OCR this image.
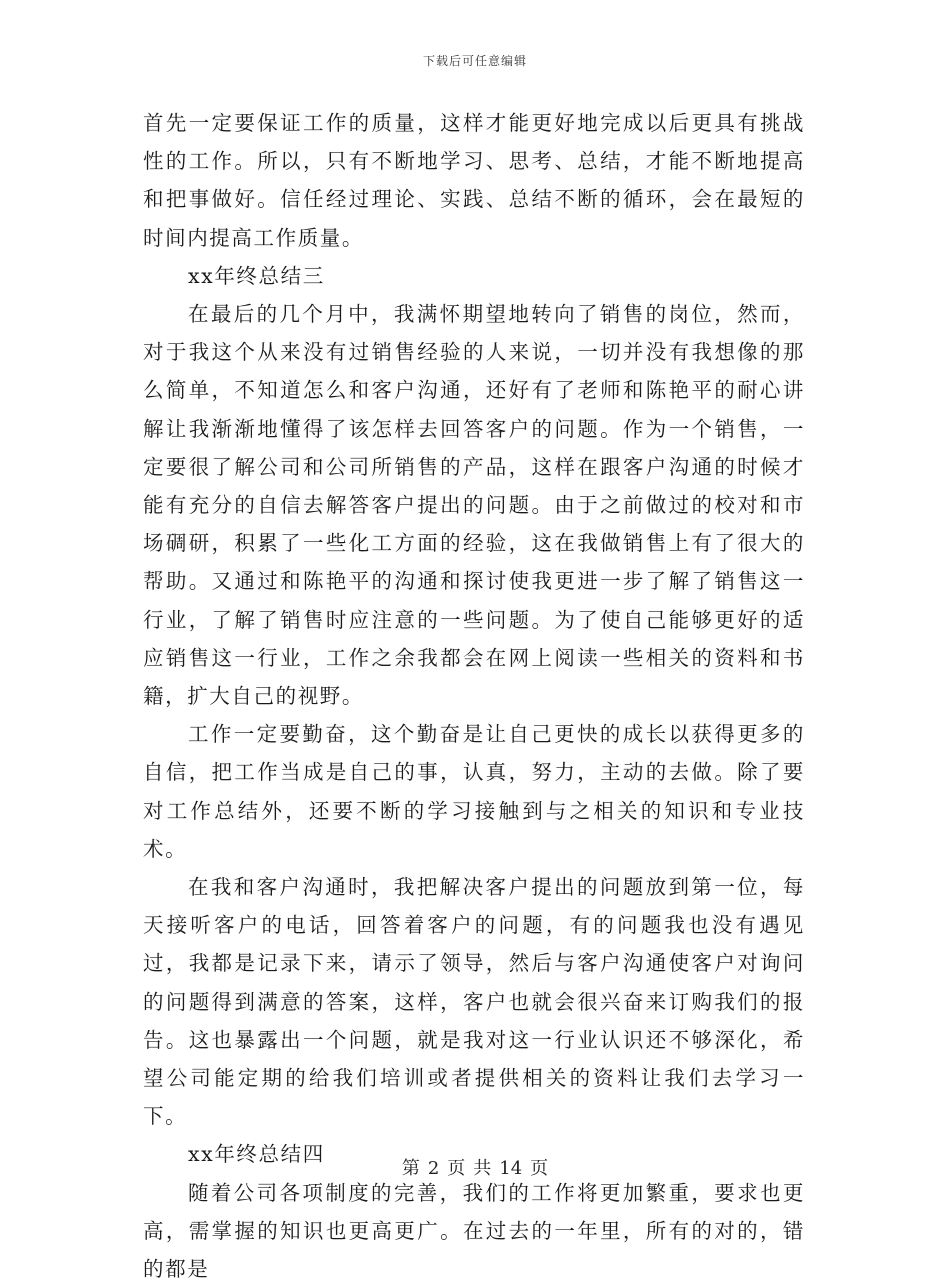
下载后可任意编辑

首先一定要保证工作的质量，这样才能更好地完成以后更具有挑战性的工作。所以，只有不断地学习、思考、总结，才能不断地提高和把事做好。信任经过理论、实践、总结不断的循环，会在最短的时间内提高工作质量。

xx年终总结三

在最后的几个月中，我满怀期望地转向了销售的岗位，然而，对于我这个从来没有过销售经验的人来说，一切并没有我想像的那么简单，不知道怎么和客户沟通，还好有了老师和陈艳平的耐心讲解让我渐渐地懂得了该怎样去回答客户的问题。作为一个销售，一定要很了解公司和公司所销售的产品，这样在跟客户沟通的时候才能有充分的自信去解答客户提出的问题。由于之前做过的校对和市场碉研，积累了一些化工方面的经验，这在我做销售上有了很大的帮助。又通过和陈艳平的沟通和探讨使我更进一步了解了销售这一行业，了解了销售时应注意的一些问题。为了使自己能够更好的适应销售这一行业，工作之余我都会在网上阅读一些相关的资料和书籍，扩大自己的视野。

工作一定要勤奋，这个勤奋是让自己更快的成长以获得更多的自信，把工作当成是自己的事，认真，努力，主动的去做。除了要对工作总结外，还要不断的学习接触到与之相关的知识和专业技术。

在我和客户沟通时，我把解决客户提出的问题放到第一位，每天接听客户的电话，回答着客户的问题，有的问题我也没有遇见过，我都是记录下来，请示了领导，然后与客户沟通使客户对询问的问题得到满意的答案，这样，客户也就会很兴奋来订购我们的报告。这也暴露出一个问题，就是我对这一行业认识还不够深化，希望公司能定期的给我们培训或者提供相关的资料让我们去学习一下。

xx年终总结四

随着公司各项制度的完善，我们的工作将更加繁重，要求也更高，需掌握的知识也更高更广。在过去的一年里，所有的对的，错的都是

第 2 页 共 14 页
